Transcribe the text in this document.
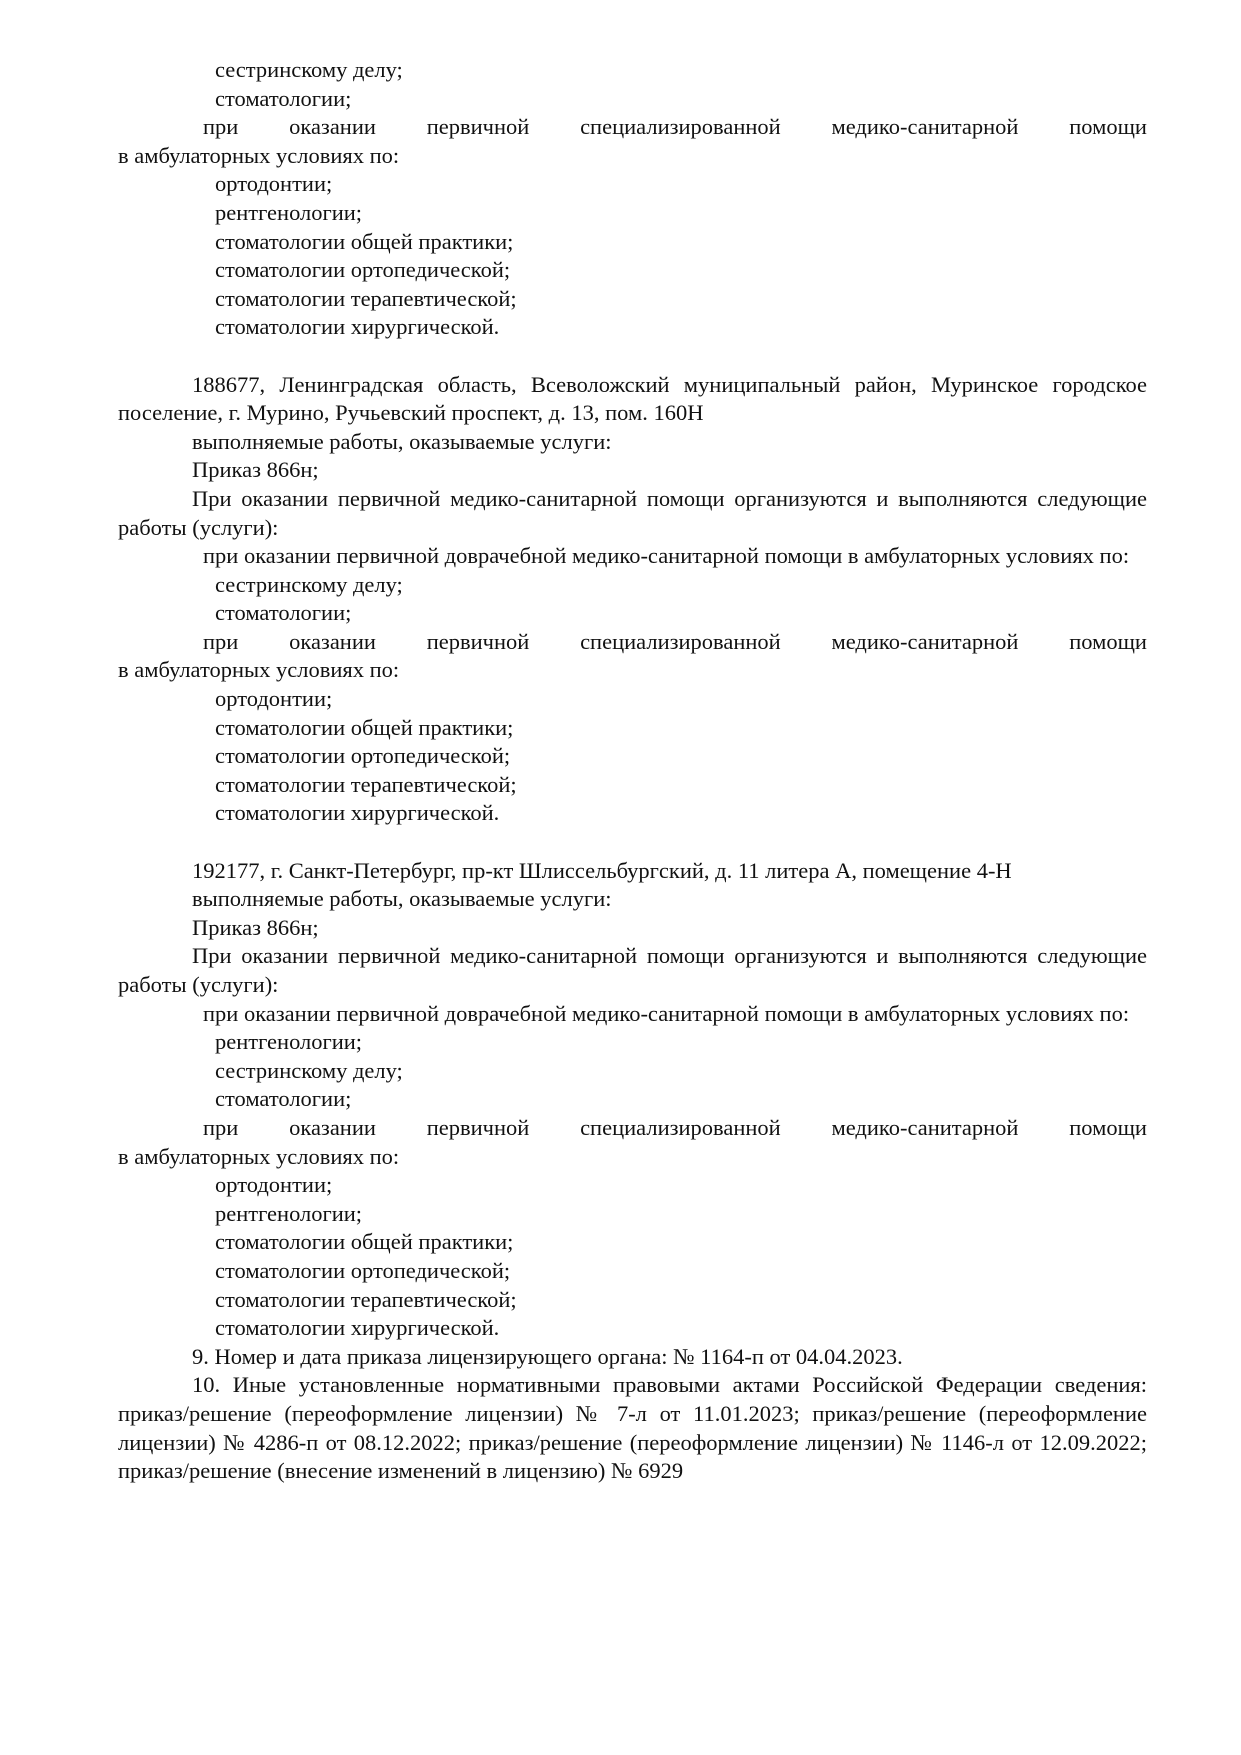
сестринскому делу;

стоматологии;

при оказании первичной специализированной медико-санитарной помощи

в амбулаторных условиях по:

ортодонтии;

рентгенологии;

стоматологии общей практики;

стоматологии ортопедической;

стоматологии терапевтической;

стоматологии хирургической.

188677, Ленинградская область, Всеволожский муниципальный район, Муринское городское поселение, г. Мурино, Ручьевский проспект, д. 13, пом. 160Н

выполняемые работы, оказываемые услуги:

Приказ 866н;

При оказании первичной медико-санитарной помощи организуются и выполняются следующие работы (услуги):

при оказании первичной доврачебной медико-санитарной помощи в амбулаторных условиях по:

сестринскому делу;

стоматологии;

при оказании первичной специализированной медико-санитарной помощи

в амбулаторных условиях по:

ортодонтии;

стоматологии общей практики;

стоматологии ортопедической;

стоматологии терапевтической;

стоматологии хирургической.

192177, г. Санкт-Петербург, пр-кт Шлиссельбургский, д. 11 литера А, помещение 4-Н

выполняемые работы, оказываемые услуги:

Приказ 866н;

При оказании первичной медико-санитарной помощи организуются и выполняются следующие работы (услуги):

при оказании первичной доврачебной медико-санитарной помощи в амбулаторных условиях по:

рентгенологии;

сестринскому делу;

стоматологии;

при оказании первичной специализированной медико-санитарной помощи

в амбулаторных условиях по:

ортодонтии;

рентгенологии;

стоматологии общей практики;

стоматологии ортопедической;

стоматологии терапевтической;

стоматологии хирургической.

9. Номер и дата приказа лицензирующего органа: № 1164-п от 04.04.2023.

10. Иные установленные нормативными правовыми актами Российской Федерации сведения: приказ/решение (переоформление лицензии) № 7-л от 11.01.2023; приказ/решение (переоформление лицензии) № 4286-п от 08.12.2022; приказ/решение (переоформление лицензии) № 1146-л от 12.09.2022; приказ/решение (внесение изменений в лицензию) № 6929
